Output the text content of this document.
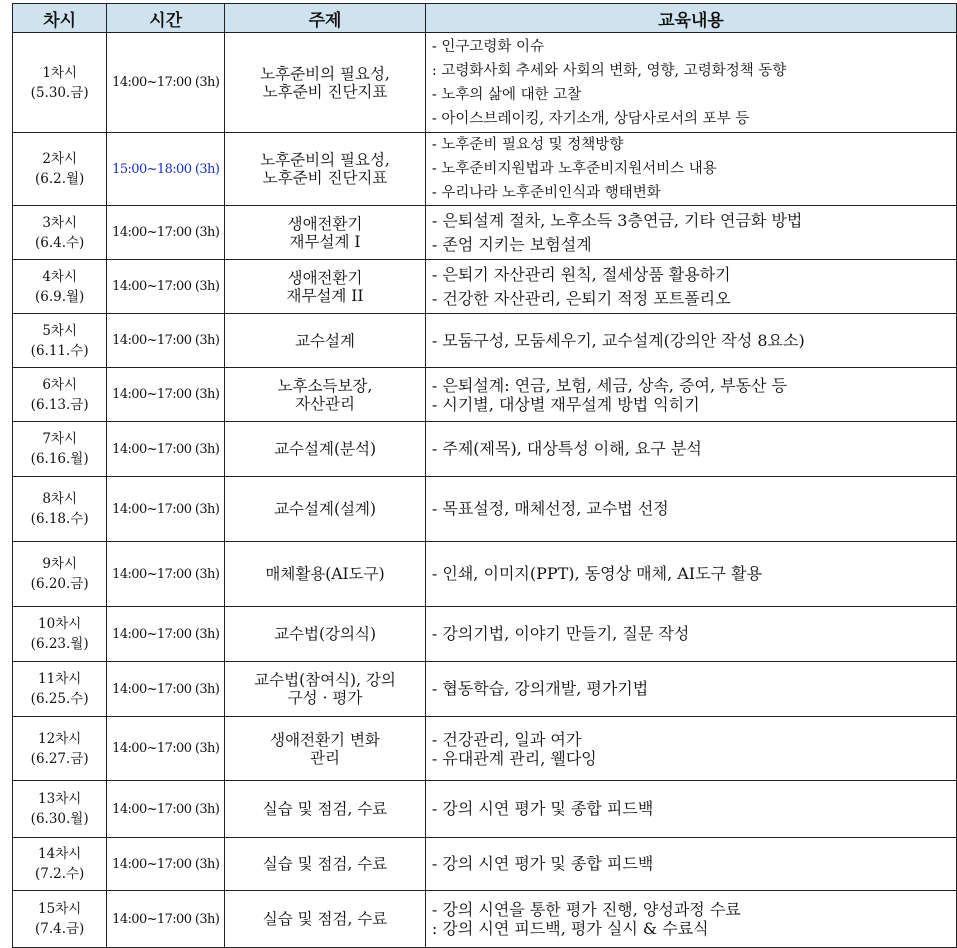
차시	시간	주제	교육내용

1차시
(5.30.금)	14:00~17:00 (3h)	노후준비의 필요성,
노후준비 진단지표	- 인구고령화 이슈
: 고령화사회 추세와 사회의 변화, 영향, 고령화정책 동향
- 노후의 삶에 대한 고찰
- 아이스브레이킹, 자기소개, 상담사로서의 포부 등

2차시
(6.2.월)	15:00~18:00 (3h)	노후준비의 필요성,
노후준비 진단지표	- 노후준비 필요성 및 정책방향
- 노후준비지원법과 노후준비지원서비스 내용
- 우리나라 노후준비인식과 행태변화

3차시
(6.4.수)	14:00~17:00 (3h)	생애전환기
재무설계 I	- 은퇴설계 절차, 노후소득 3층연금, 기타 연금화 방법
- 존엄 지키는 보험설계

4차시
(6.9.월)	14:00~17:00 (3h)	생애전환기
재무설계 II	- 은퇴기 자산관리 원칙, 절세상품 활용하기
- 건강한 자산관리, 은퇴기 적정 포트폴리오

5차시
(6.11.수)	14:00~17:00 (3h)	교수설계	- 모둠구성, 모둠세우기, 교수설계(강의안 작성 8요소)

6차시
(6.13.금)	14:00~17:00 (3h)	노후소득보장,
자산관리	- 은퇴설계: 연금, 보험, 세금, 상속, 증여, 부동산 등
- 시기별, 대상별 재무설계 방법 익히기

7차시
(6.16.월)	14:00~17:00 (3h)	교수설계(분석)	- 주제(제목), 대상특성 이해, 요구 분석

8차시
(6.18.수)	14:00~17:00 (3h)	교수설계(설계)	- 목표설정, 매체선정, 교수법 선정

9차시
(6.20.금)	14:00~17:00 (3h)	매체활용(AI도구)	- 인쇄, 이미지(PPT), 동영상 매체, AI도구 활용

10차시
(6.23.월)	14:00~17:00 (3h)	교수법(강의식)	- 강의기법, 이야기 만들기, 질문 작성

11차시
(6.25.수)	14:00~17:00 (3h)	교수법(참여식), 강의
구성 · 평가	- 협동학습, 강의개발, 평가기법

12차시
(6.27.금)	14:00~17:00 (3h)	생애전환기 변화
관리	- 건강관리, 일과 여가
- 유대관계 관리, 웰다잉

13차시
(6.30.월)	14:00~17:00 (3h)	실습 및 점검, 수료	- 강의 시연 평가 및 종합 피드백

14차시
(7.2.수)	14:00~17:00 (3h)	실습 및 점검, 수료	- 강의 시연 평가 및 종합 피드백

15차시
(7.4.금)	14:00~17:00 (3h)	실습 및 점검, 수료	- 강의 시연을 통한 평가 진행, 양성과정 수료
: 강의 시연 피드백, 평가 실시 & 수료식
